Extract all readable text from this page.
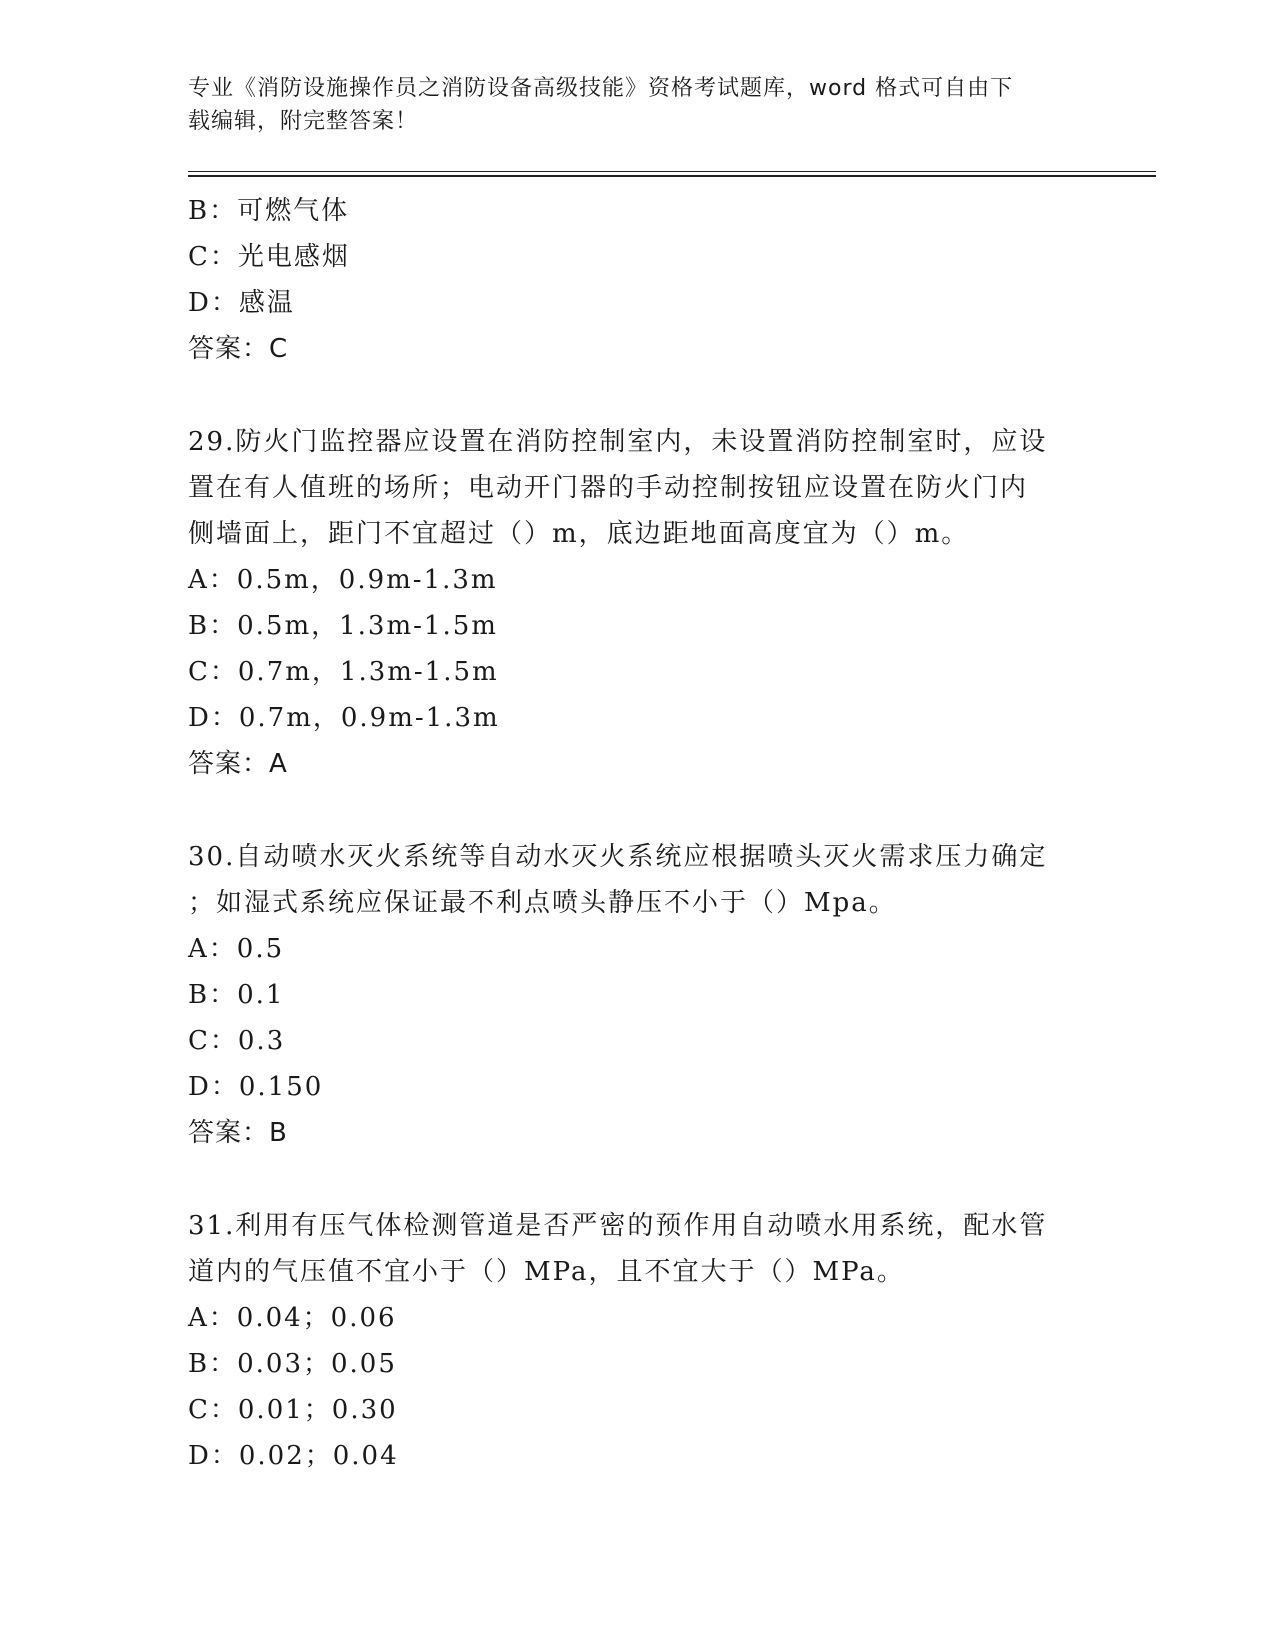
专业《消防设施操作员之消防设备高级技能》资格考试题库，word 格式可自由下
载编辑，附完整答案！
B：可燃气体
C：光电感烟
D：感温
答案：C
29.防火门监控器应设置在消防控制室内，未设置消防控制室时，应设
置在有人值班的场所；电动开门器的手动控制按钮应设置在防火门内
侧墙面上，距门不宜超过（）m，底边距地面高度宜为（）m。
A：0.5m，0.9m-1.3m
B：0.5m，1.3m-1.5m
C：0.7m，1.3m-1.5m
D：0.7m，0.9m-1.3m
答案：A
30.自动喷水灭火系统等自动水灭火系统应根据喷头灭火需求压力确定
；如湿式系统应保证最不利点喷头静压不小于（）Mpa。
A：0.5
B：0.1
C：0.3
D：0.150
答案：B
31.利用有压气体检测管道是否严密的预作用自动喷水用系统，配水管
道内的气压值不宜小于（）MPa，且不宜大于（）MPa。
A：0.04；0.06
B：0.03；0.05
C：0.01；0.30
D：0.02；0.04
